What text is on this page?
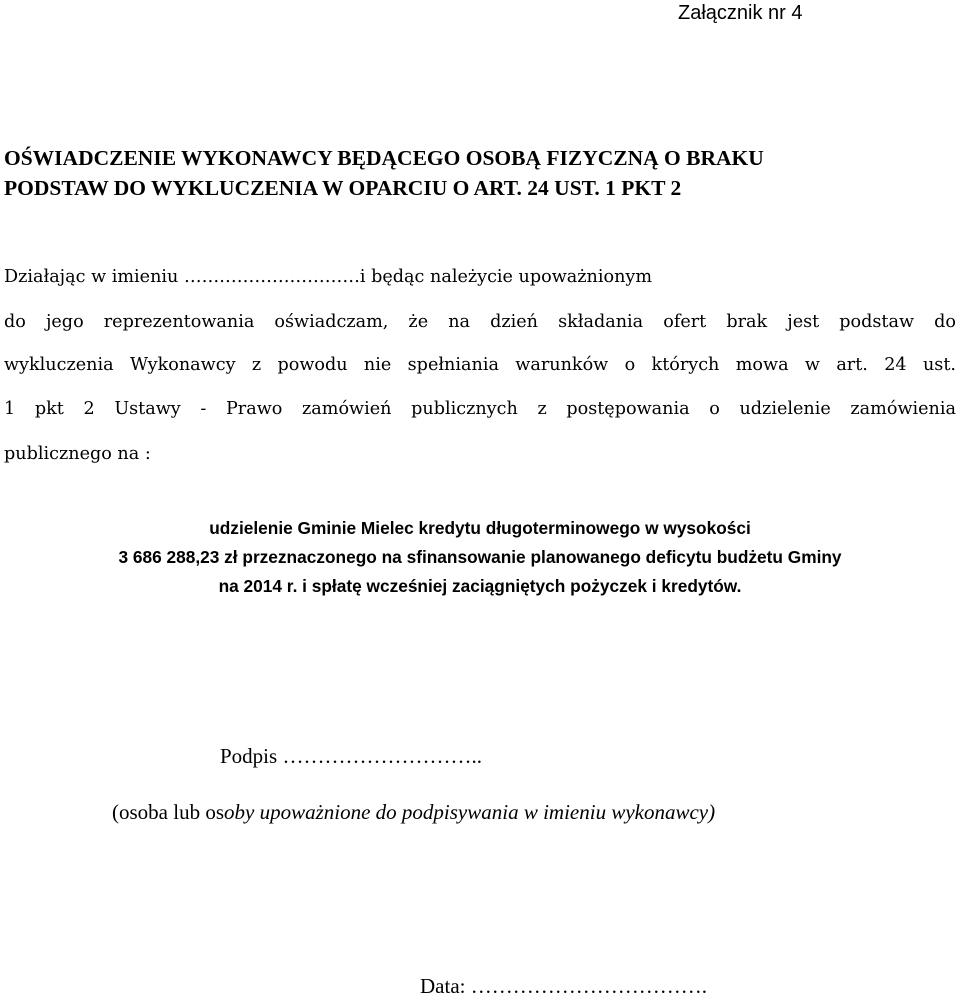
Załącznik nr 4
OŚWIADCZENIE WYKONAWCY BĘDĄCEGO OSOBĄ FIZYCZNĄ O BRAKU
PODSTAW DO WYKLUCZENIA W OPARCIU O ART. 24 UST. 1 PKT 2
Działając w imieniu …………………………i będąc należycie upoważnionym
do jego reprezentowania oświadczam, że na dzień składania ofert brak jest podstaw do
wykluczenia Wykonawcy z powodu nie spełniania warunków o których mowa w art. 24 ust.
1 pkt 2 Ustawy - Prawo zamówień publicznych z postępowania o udzielenie zamówienia
publicznego na :
udzielenie Gminie Mielec kredytu długoterminowego w wysokości
3 686 288,23 zł przeznaczonego na sfinansowanie planowanego deficytu budżetu Gminy
na 2014 r. i spłatę wcześniej zaciągniętych pożyczek i kredytów.
Podpis ………………………..
(osoba lub osoby upoważnione do podpisywania w imieniu wykonawcy)
Data: …………………………….
